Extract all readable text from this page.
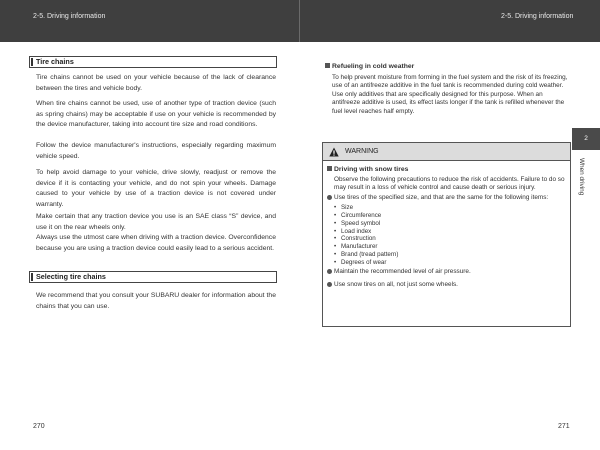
2-5. Driving information	2-5. Driving information
Tire chains

Tire chains cannot be used on your vehicle because of the lack of clearance between the tires and vehicle body.

When tire chains cannot be used, use of another type of traction device (such as spring chains) may be acceptable if use on your vehicle is recommended by the device manufacturer, taking into account tire size and road conditions.

Follow the device manufacturer's instructions, especially regarding maximum vehicle speed.

To help avoid damage to your vehicle, drive slowly, readjust or remove the device if it is contacting your vehicle, and do not spin your wheels. Damage caused to your vehicle by use of a traction device is not covered under warranty.

Make certain that any traction device you use is an SAE class “S” device, and use it on the rear wheels only.

Always use the utmost care when driving with a traction device. Overconfidence because you are using a traction device could easily lead to a serious accident.

Selecting tire chains

We recommend that you consult your SUBARU dealer for information about the chains that you can use.

270
Refueling in cold weather

To help prevent moisture from forming in the fuel system and the risk of its freezing, use of an antifreeze additive in the fuel tank is recommended during cold weather.

Use only additives that are specifically designed for this purpose. When an antifreeze additive is used, its effect lasts longer if the tank is refilled whenever the fuel level reaches half empty.

WARNING
Driving with snow tires

Observe the following precautions to reduce the risk of accidents. Failure to do so may result in a loss of vehicle control and cause death or serious injury.

Use tires of the specified size, and that are the same for the following items:
• Size
• Circumference
• Speed symbol
• Load index
• Construction
• Manufacturer
• Brand (tread pattern)
• Degrees of wear
Maintain the recommended level of air pressure.
Use snow tires on all, not just some wheels.
2
When driving
271
